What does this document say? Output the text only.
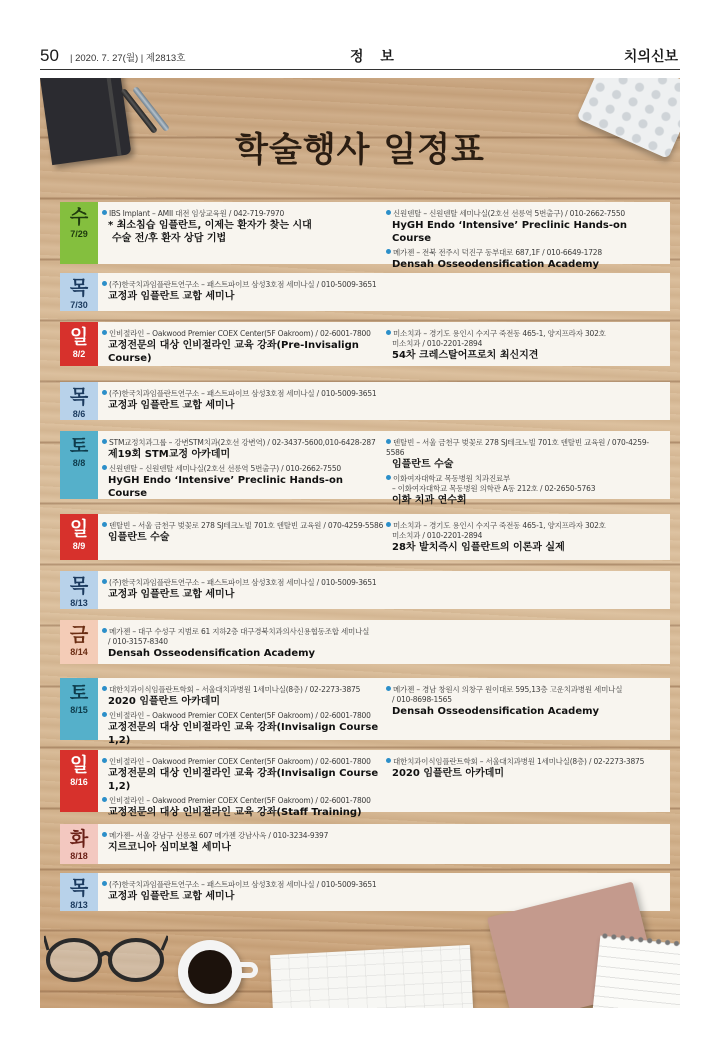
50 | 2020. 7. 27(월) | 제2813호	정 보	치의신보
학술행사 일정표
수
7/29
IBS Implant – AMII 대전 임상교육원 / 042-719-7970
* 최소침습 임플란트, 이제는 환자가 찾는 시대
수술 전/후 환자 상담 기법
신원덴탈 – 신원덴탈 세미나실(2호선 선릉역 5번출구) / 010-2662-7550
HyGH Endo ‘Intensive’ Preclinic Hands-on Course
메가젠 – 전북 전주시 덕진구 동부대로 687,1F / 010-6649-1728
Densah Osseodensification Academy
목
7/30
(주)한국치과임플란트연구소 – 패스트파이브 삼성3호점 세미나실 / 010-5009-3651
교정과 임플란트 교합 세미나
일
8/2
인비절라인 – Oakwood Premier COEX Center(5F Oakroom) / 02-6001-7800
교정전문의 대상 인비절라인 교육 강좌(Pre-Invisalign Course)
미소치과 – 경기도 용인시 수지구 죽전동 465-1, 양지프라자 302호
미소치과 / 010-2201-2894
54차 크레스탈어프로치 최신지견
목
8/6
(주)한국치과임플란트연구소 – 패스트파이브 삼성3호점 세미나실 / 010-5009-3651
교정과 임플란트 교합 세미나
토
8/8
STM교정치과그룹 – 강변STM치과(2호선 강변역) / 02-3437-5600,010-6428-287
제19회 STM교정 아카데미
신원덴탈 – 신원덴탈 세미나실(2호선 선릉역 5번출구) / 010-2662-7550
HyGH Endo ‘Intensive’ Preclinic Hands-on Course
덴탈빈 – 서울 금천구 벚꽃로 278 SJ테크노빌 701호 덴탈빈 교육원 / 070-4259-5586
임플란트 수술
이화여자대학교 목동병원 치과진료부
– 이화여자대학교 목동병원 의학관 A동 212호 / 02-2650-5763
이화 치과 연수회
일
8/9
덴탈빈 – 서울 금천구 벚꽃로 278 SJ테크노빌 701호 덴탈빈 교육원 / 070-4259-5586
임플란트 수술
미소치과 – 경기도 용인시 수지구 죽전동 465-1, 양지프라자 302호
미소치과 / 010-2201-2894
28차 발치즉시 임플란트의 이론과 실제
목
8/13
(주)한국치과임플란트연구소 – 패스트파이브 삼성3호점 세미나실 / 010-5009-3651
교정과 임플란트 교합 세미나
금
8/14
메가젠 – 대구 수성구 지범로 61 지하2층 대구경북치과의사신용협동조합 세미나실
/ 010-3157-8340
Densah Osseodensification Academy
토
8/15
대한치과이식임플란트학회 – 서울대치과병원 1세미나실(8층) / 02-2273-3875
2020 임플란트 아카데미
인비절라인 – Oakwood Premier COEX Center(5F Oakroom) / 02-6001-7800
교정전문의 대상 인비절라인 교육 강좌(Invisalign Course 1,2)
메가젠 – 경남 창원시 의창구 원이대로 595,13층 고운치과병원 세미나실
/ 010-8698-1565
Densah Osseodensification Academy
일
8/16
인비절라인 – Oakwood Premier COEX Center(5F Oakroom) / 02-6001-7800
교정전문의 대상 인비절라인 교육 강좌(Invisalign Course 1,2)
인비절라인 – Oakwood Premier COEX Center(5F Oakroom) / 02-6001-7800
교정전문의 대상 인비절라인 교육 강좌(Staff Training)
대한치과이식임플란트학회 – 서울대치과병원 1세미나실(8층) / 02-2273-3875
2020 임플란트 아카데미
화
8/18
메가젠– 서울 강남구 선릉로 607 메가젠 강남사옥 / 010-3234-9397
지르코니아 심미보철 세미나
목
8/13
(주)한국치과임플란트연구소 – 패스트파이브 삼성3호점 세미나실 / 010-5009-3651
교정과 임플란트 교합 세미나
